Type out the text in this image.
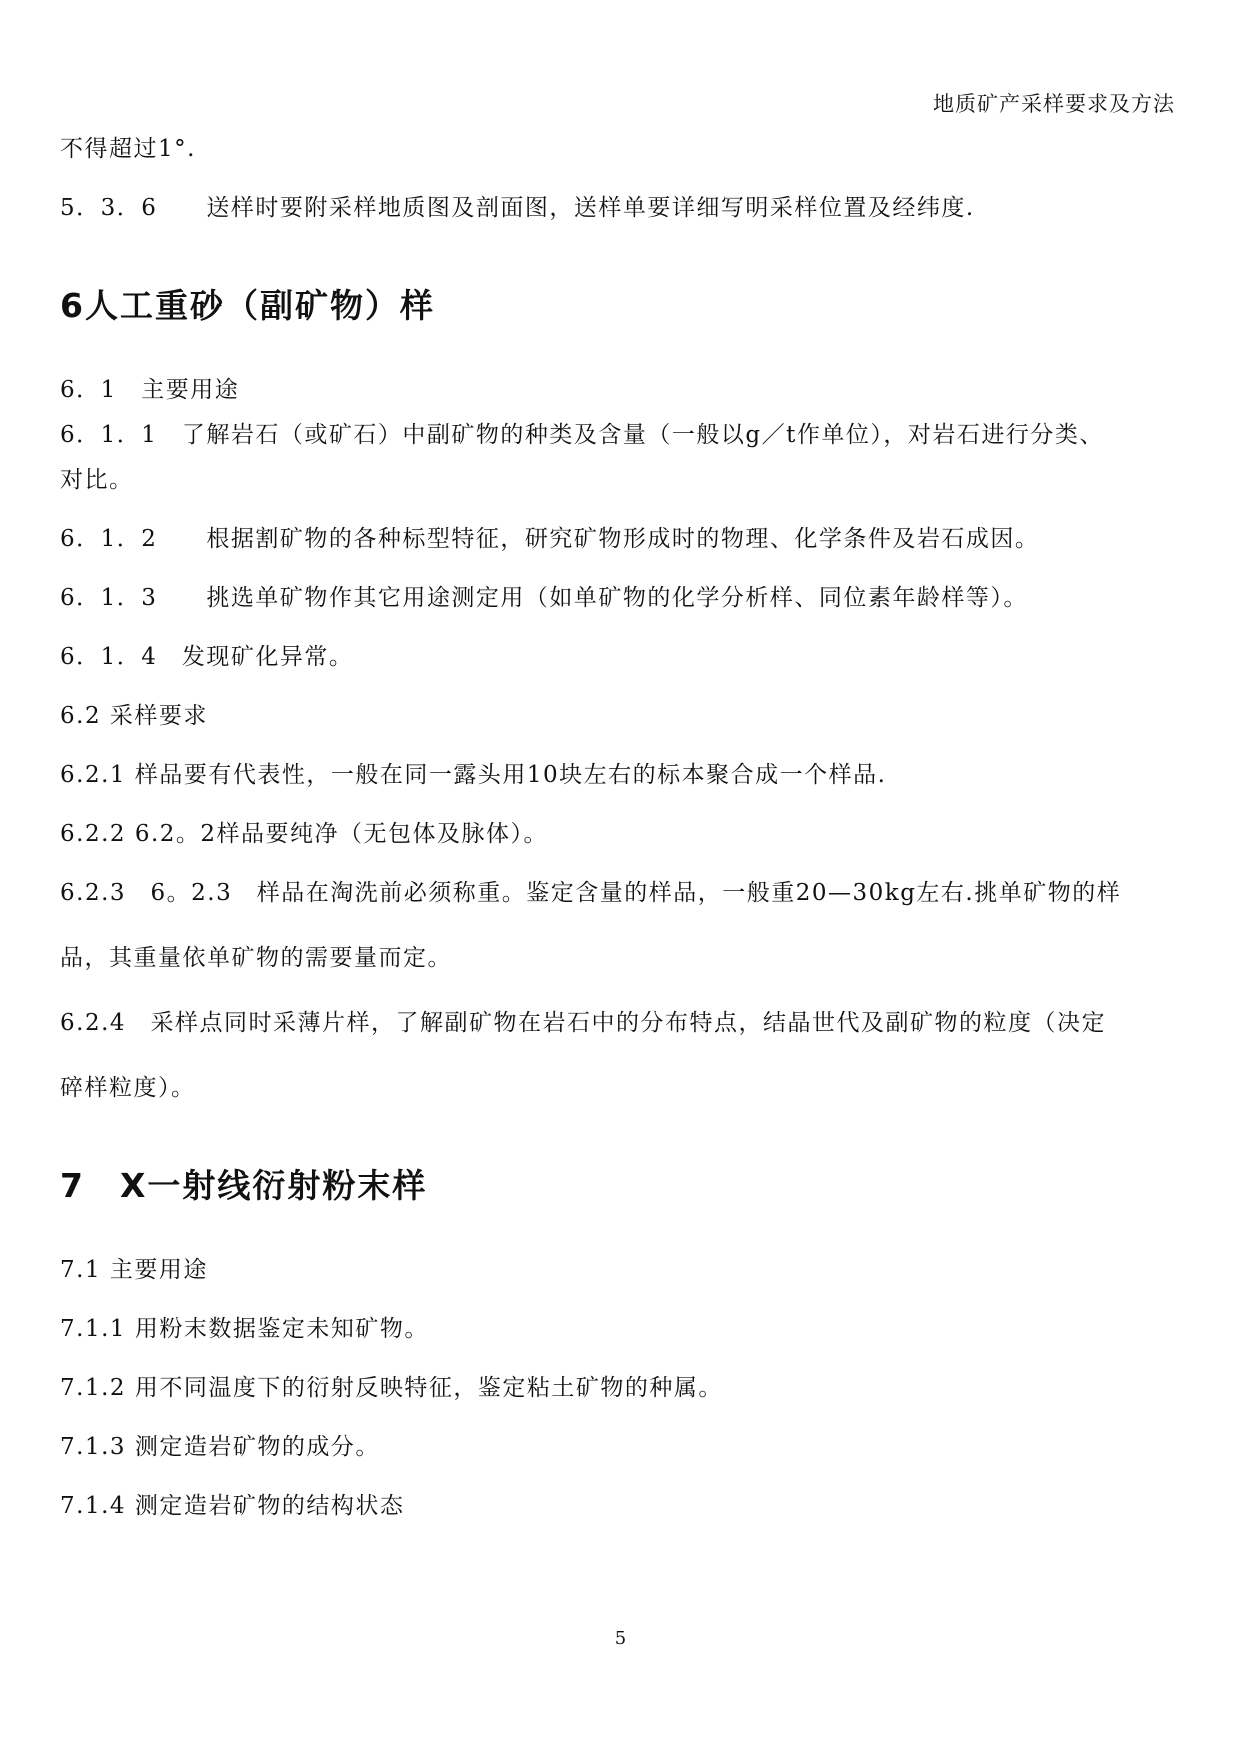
地质矿产采样要求及方法

不得超过1°.

5．3．6　　送样时要附采样地质图及剖面图，送样单要详细写明采样位置及经纬度.

6人工重砂（副矿物）样

6．1　主要用途

6．1．1　了解岩石（或矿石）中副矿物的种类及含量（一般以g／t作单位），对岩石进行分类、

对比。

6．1．2　　根据割矿物的各种标型特征，研究矿物形成时的物理、化学条件及岩石成因。

6．1．3　　挑选单矿物作其它用途测定用（如单矿物的化学分析样、同位素年龄样等）。

6．1．4　发现矿化异常。

6.2 采样要求

6.2.1 样品要有代表性，一般在同一露头用10块左右的标本聚合成一个样品.

6.2.2 6.2。2样品要纯净（无包体及脉体）。

6.2.3　6。2.3　样品在淘洗前必须称重。鉴定含量的样品，一般重20—30kg左右.挑单矿物的样

品，其重量依单矿物的需要量而定。

6.2.4　采样点同时采薄片样，了解副矿物在岩石中的分布特点，结晶世代及副矿物的粒度（决定

碎样粒度）。

7　X一射线衍射粉末样

7.1 主要用途

7.1.1 用粉末数据鉴定未知矿物。

7.1.2 用不同温度下的衍射反映特征，鉴定粘土矿物的种属。

7.1.3 测定造岩矿物的成分。

7.1.4 测定造岩矿物的结构状态

5
